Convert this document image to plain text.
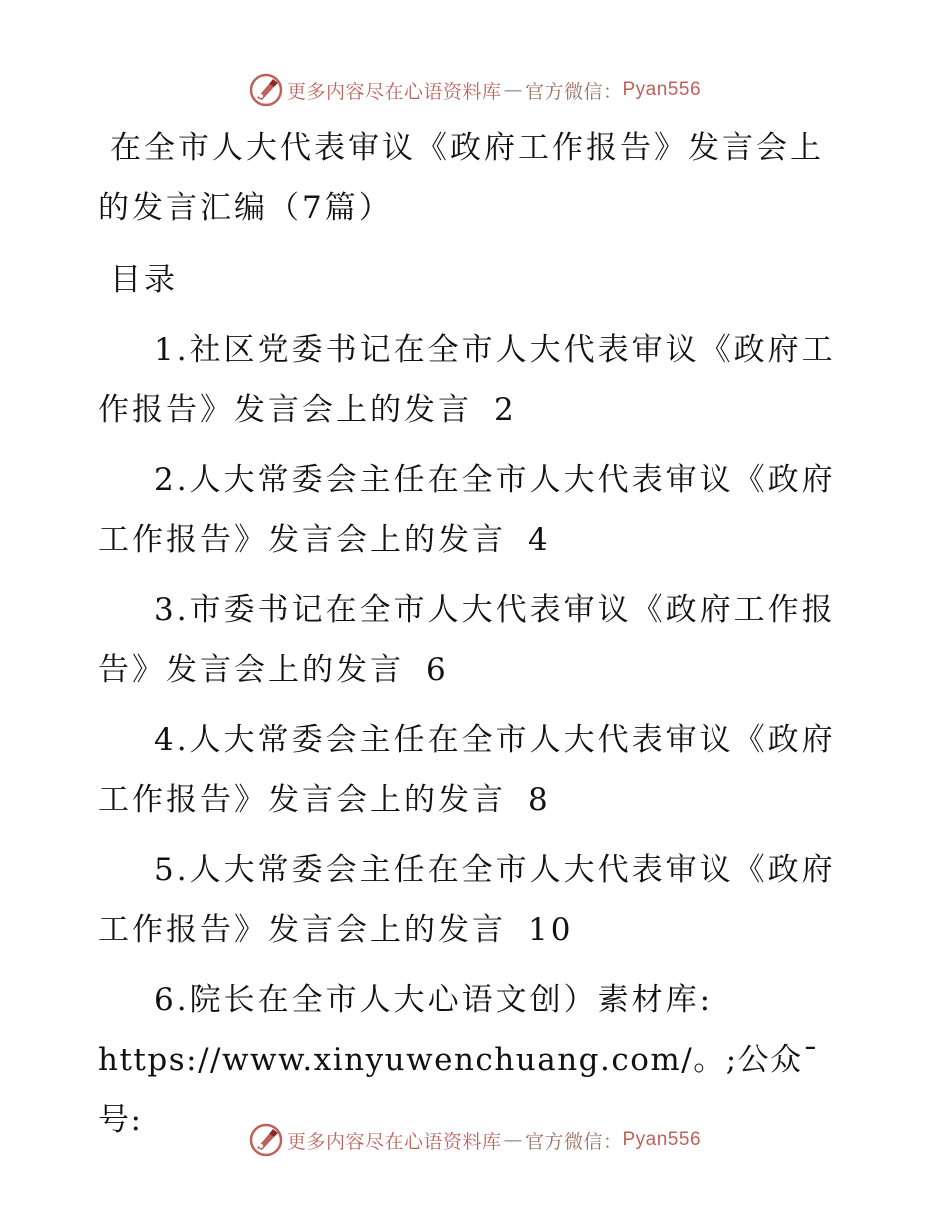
更多内容尽在心语资料库 — 官方微信： Pyan556
在全市人大代表审议《政府工作报告》发言会上的发言汇编（7篇）
目录
1.社区党委书记在全市人大代表审议《政府工作报告》发言会上的发言 2
2.人大常委会主任在全市人大代表审议《政府工作报告》发言会上的发言 4
3.市委书记在全市人大代表审议《政府工作报告》发言会上的发言 6
4.人大常委会主任在全市人大代表审议《政府工作报告》发言会上的发言 8
5.人大常委会主任在全市人大代表审议《政府工作报告》发言会上的发言 10
6.院长在全市人大心语文创）素材库:
https://www.xinyuwenchuang.com/。;公众¯号:
更多内容尽在心语资料库 — 官方微信： Pyan556
